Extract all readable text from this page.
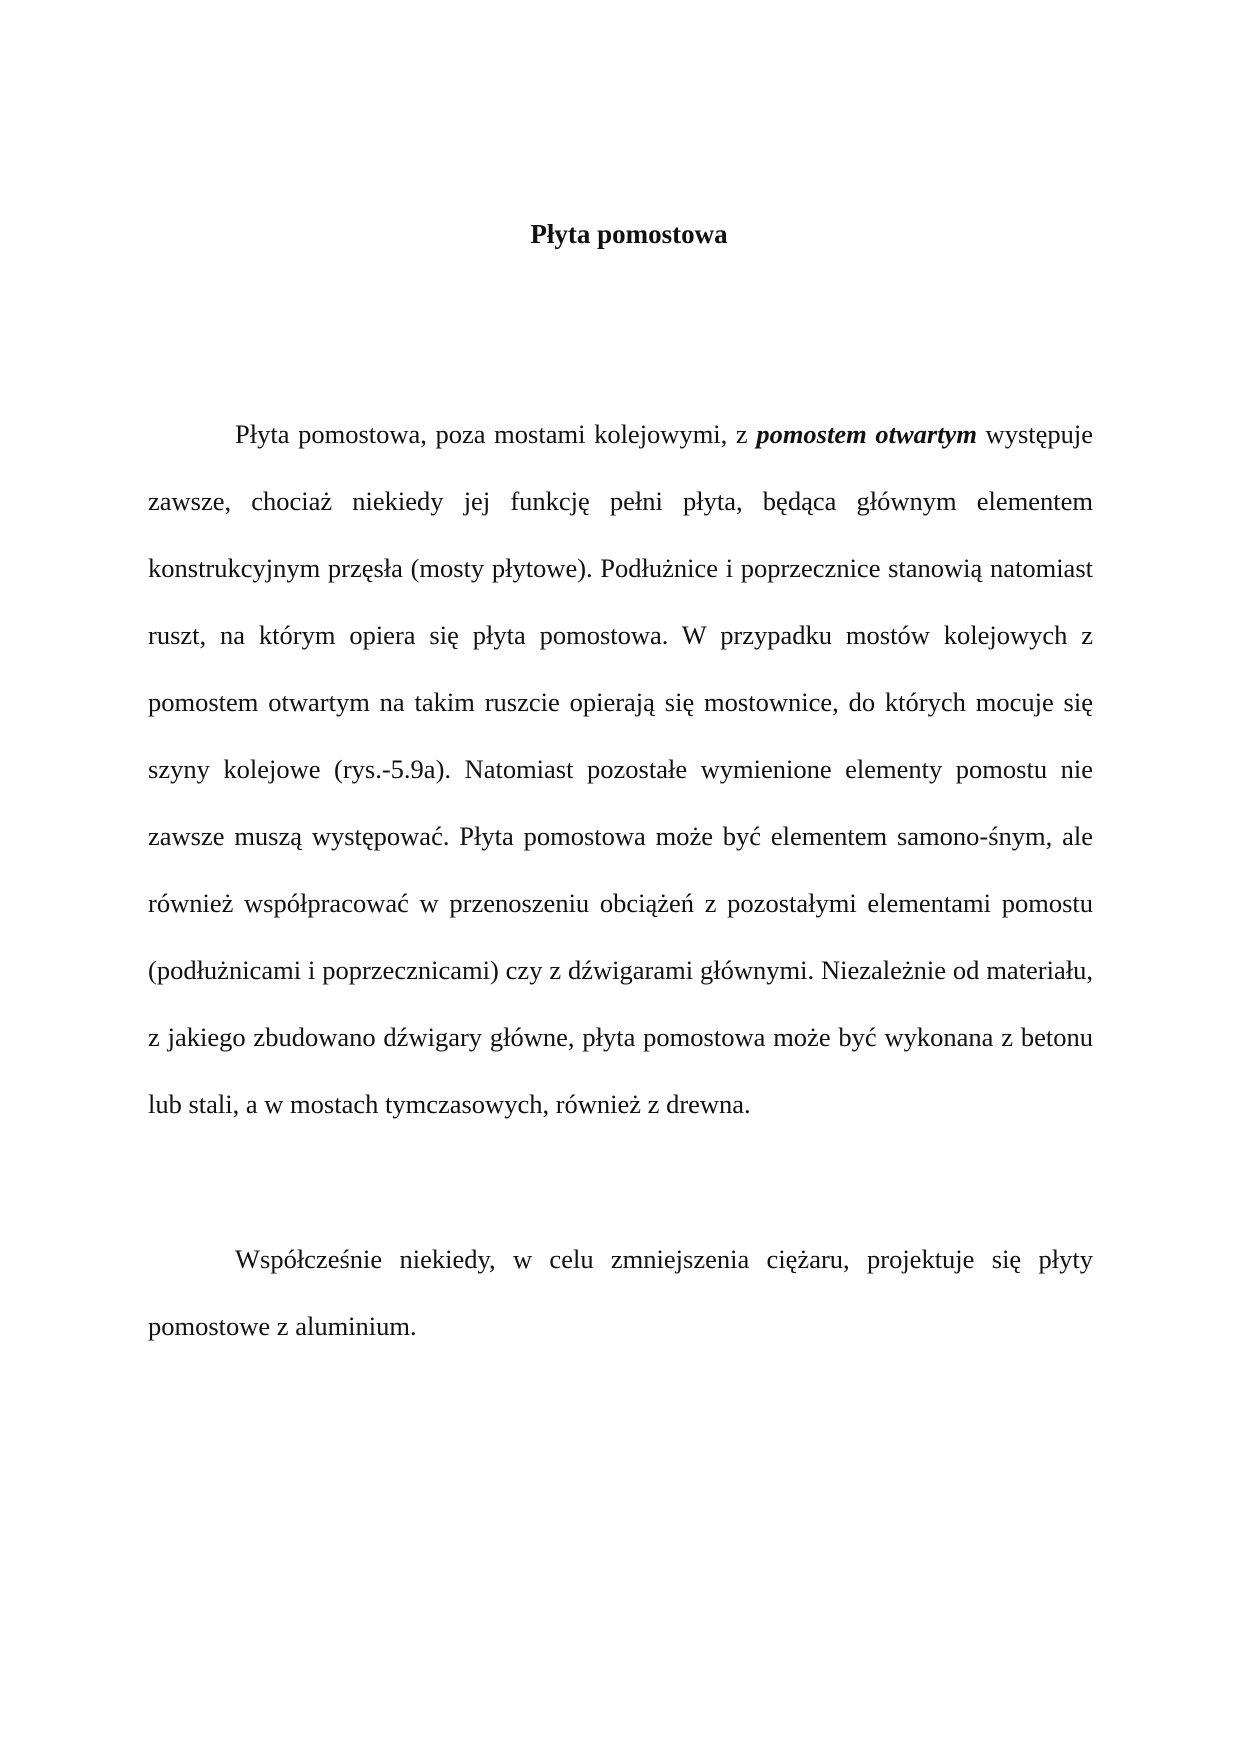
Płyta pomostowa

Płyta pomostowa, poza mostami kolejowymi, z pomostem otwartym występuje zawsze, chociaż niekiedy jej funkcję pełni płyta, będąca głównym elementem konstrukcyjnym przęsła (mosty płytowe). Podłużnice i poprzecznice stanowią natomiast ruszt, na którym opiera się płyta pomostowa. W przypadku mostów kolejowych z pomostem otwartym na takim ruszcie opierają się mostownice, do których mocuje się szyny kolejowe (rys.-5.9a). Natomiast pozostałe wymienione elementy pomostu nie zawsze muszą występować. Płyta pomostowa może być elementem samono-śnym, ale również współpracować w przenoszeniu obciążeń z pozostałymi elementami pomostu (podłużnicami i poprzecznicami) czy z dźwigarami głównymi. Niezależnie od materiału, z jakiego zbudowano dźwigary główne, płyta pomostowa może być wykonana z betonu lub stali, a w mostach tymczasowych, również z drewna.

Współcześnie niekiedy, w celu zmniejszenia ciężaru, projektuje się płyty pomostowe z aluminium.
